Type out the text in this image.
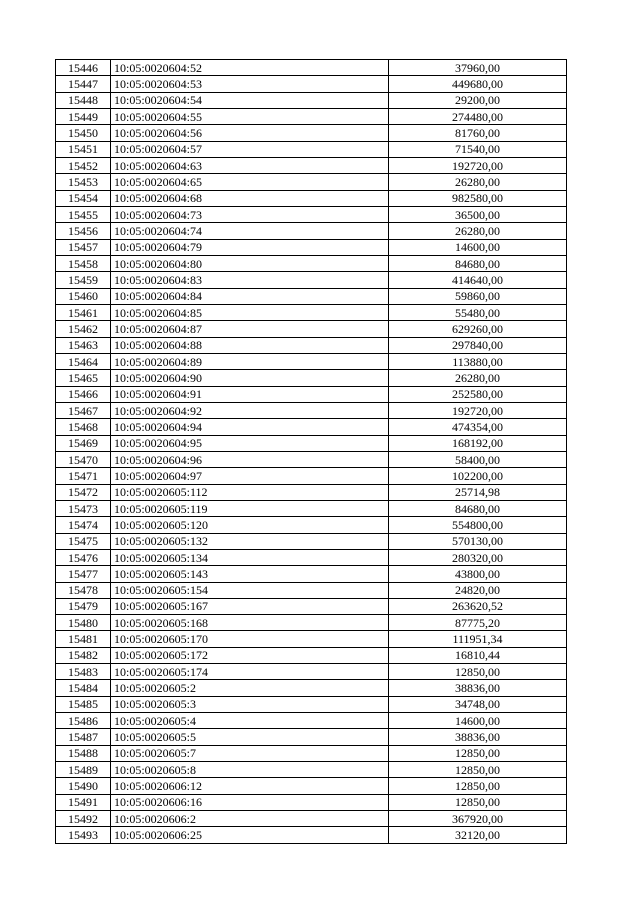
15446	10:05:0020604:52	37960,00
15447	10:05:0020604:53	449680,00
15448	10:05:0020604:54	29200,00
15449	10:05:0020604:55	274480,00
15450	10:05:0020604:56	81760,00
15451	10:05:0020604:57	71540,00
15452	10:05:0020604:63	192720,00
15453	10:05:0020604:65	26280,00
15454	10:05:0020604:68	982580,00
15455	10:05:0020604:73	36500,00
15456	10:05:0020604:74	26280,00
15457	10:05:0020604:79	14600,00
15458	10:05:0020604:80	84680,00
15459	10:05:0020604:83	414640,00
15460	10:05:0020604:84	59860,00
15461	10:05:0020604:85	55480,00
15462	10:05:0020604:87	629260,00
15463	10:05:0020604:88	297840,00
15464	10:05:0020604:89	113880,00
15465	10:05:0020604:90	26280,00
15466	10:05:0020604:91	252580,00
15467	10:05:0020604:92	192720,00
15468	10:05:0020604:94	474354,00
15469	10:05:0020604:95	168192,00
15470	10:05:0020604:96	58400,00
15471	10:05:0020604:97	102200,00
15472	10:05:0020605:112	25714,98
15473	10:05:0020605:119	84680,00
15474	10:05:0020605:120	554800,00
15475	10:05:0020605:132	570130,00
15476	10:05:0020605:134	280320,00
15477	10:05:0020605:143	43800,00
15478	10:05:0020605:154	24820,00
15479	10:05:0020605:167	263620,52
15480	10:05:0020605:168	87775,20
15481	10:05:0020605:170	111951,34
15482	10:05:0020605:172	16810,44
15483	10:05:0020605:174	12850,00
15484	10:05:0020605:2	38836,00
15485	10:05:0020605:3	34748,00
15486	10:05:0020605:4	14600,00
15487	10:05:0020605:5	38836,00
15488	10:05:0020605:7	12850,00
15489	10:05:0020605:8	12850,00
15490	10:05:0020606:12	12850,00
15491	10:05:0020606:16	12850,00
15492	10:05:0020606:2	367920,00
15493	10:05:0020606:25	32120,00
